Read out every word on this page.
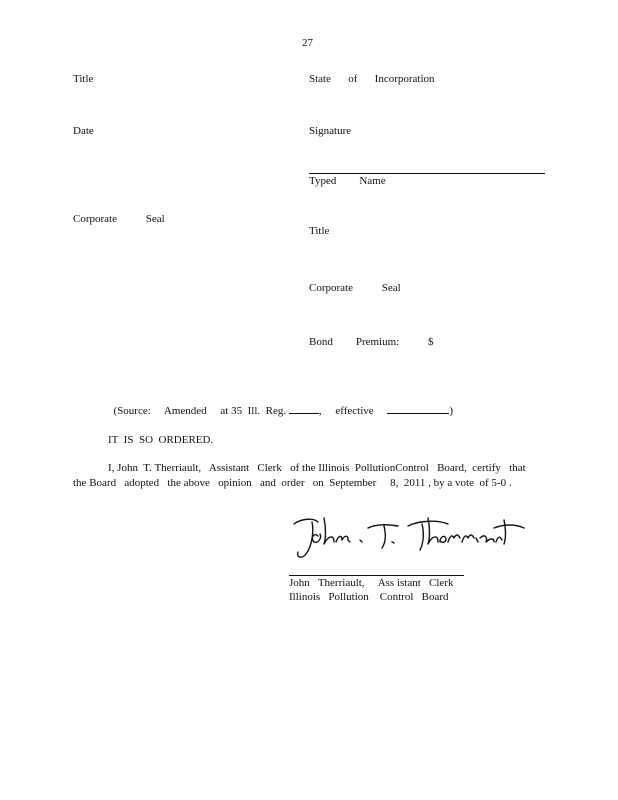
27
Title
Date
Corporate     Seal
State   of   Incorporation
Signature
Typed    Name
Title
Corporate     Seal
Bond    Premium:     $

(Source:     Amended     at 35  Ill.  Reg.	,     effective	)

IT  IS  SO  ORDERED.
I, John  T. Therriault,   Assistant   Clerk   of the Illinois  PollutionControl   Board,  certify   that
the Board   adopted   the above   opinion   and  order   on  September     8,  2011 , by a vote  of 5-0 .
John   Therriault,     Ass istant   Clerk
Illinois   Pollution    Control   Board
